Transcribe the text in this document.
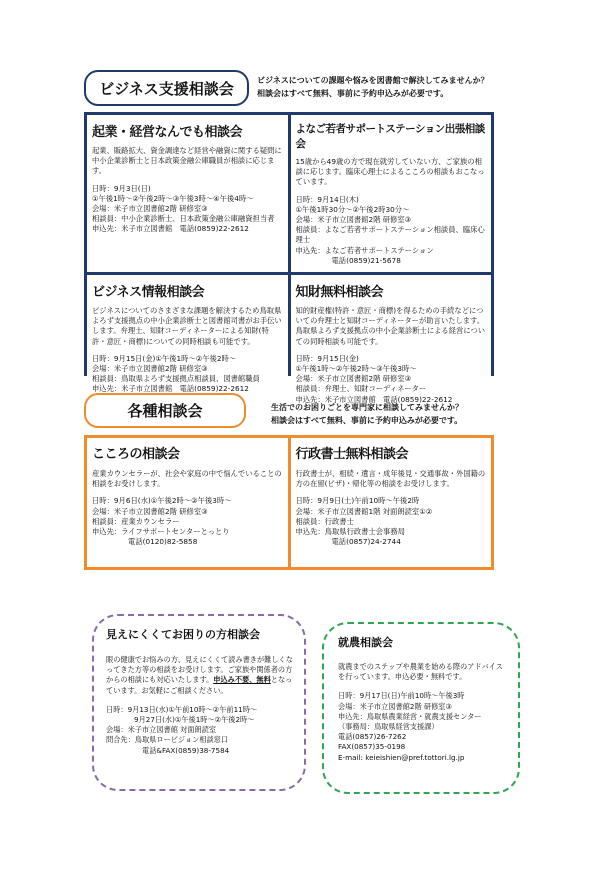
ビジネス支援相談会	ビジネスについての課題や悩みを図書館で解決してみませんか？
相談会はすべて無料、事前に予約申込みが必要です。
起業・経営なんでも相談会

起業、販路拡大、資金調達など経営や融資に関する疑問に中小企業診断士と日本政策金融公庫職員が相談に応じます。

日時：9月3日(日)
①午後1時～②午後2時～③午後3時～④午後4時～
会場：米子市立図書館2階 研修室③
相談員：中小企業診断士、日本政策金融公庫融資担当者
申込先：米子市立図書館　電話(0859)22-2612
よなご若者サポートステーション出張相談会

15歳から49歳の方で現在就労していない方、ご家族の相談に応じます。臨床心理士によるこころの相談もおこなっています。

日時：9月14日(木)
①午後1時30分～②午後2時30分～
会場：米子市立図書館2階 研修室③
相談員：よなご若者サポートステーション相談員、臨床心理士
申込先：よなご若者サポートステーション
電話(0859)21-5678
ビジネス情報相談会

ビジネスについてのさまざまな課題を解決するため鳥取県よろず支援拠点の中小企業診断士と図書館司書がお手伝いします。弁理士、知財コーディネーターによる知財(特許・意匠・商標)についての同時相談も可能です。

日時：9月15日(金)①午後1時～②午後2時～
会場：米子市立図書館2階 研修室③
相談員：鳥取県よろず支援拠点相談員、図書館職員
申込先：米子市立図書館　電話(0859)22-2612
知財無料相談会

知的財産権(特許・意匠・商標)を得るための手続などについての弁理士と知財コーディネーターが助言いたします。鳥取県よろず支援拠点の中小企業診断士による経営についての同時相談も可能です。

日時：9月15日(金)
①午後1時～②午後2時～③午後3時～
会場：米子市立図書館2階 研修室③
相談員：弁理士、知財コーディネーター
申込先：米子市立図書館　電話(0859)22-2612
各種相談会	生活でのお困りごとを専門家に相談してみませんか？
相談会はすべて無料、事前に予約申込みが必要です。
こころの相談会

産業カウンセラーが、社会や家庭の中で悩んでいることの相談をお受けします。

日時：9月6日(水)①午後2時～②午後3時～
会場：米子市立図書館2階 研修室③
相談員：産業カウンセラー
申込先：ライフサポートセンターとっとり
電話(0120)82-5858
行政書士無料相談会

行政書士が、相続・遺言・成年後見・交通事故・外国籍の方の在留(ビザ)・帰化等の相談をお受けします。

日時：9月9日(土)午前10時～午後2時
会場：米子市立図書館1階 対面朗読室①②
相談員：行政書士
申込先：鳥取県行政書士会事務局
電話(0857)24-2744
見えにくくてお困りの方相談会

眼の健康でお悩みの方、見えにくくて読み書きが難しくなってきた方等の相談をお受けします。ご家族や関係者の方からの相談にも対応いたします。申込み不要、無料となっています。お気軽にご相談ください。

日時：9月13日(水)①午前10時～②午前11時～
9月27日(水)①午後1時～②午後2時～
会場：米子市立図書館 対面朗読室
問合先：鳥取県ロービジョン相談窓口
電話&FAX(0859)38-7584
就農相談会

就農までのステップや農業を始める際のアドバイスを行っています。申込必要・無料です。

日時：9月17日(日)午前10時～午後3時
会場：米子市立図書館2階 研修室③
申込先：鳥取県農業経営・就農支援センター
（事務局：鳥取県経営支援課）
電話(0857)26-7262
FAX(0857)35-0198
E-mail: keieishien@pref.tottori.lg.jp
